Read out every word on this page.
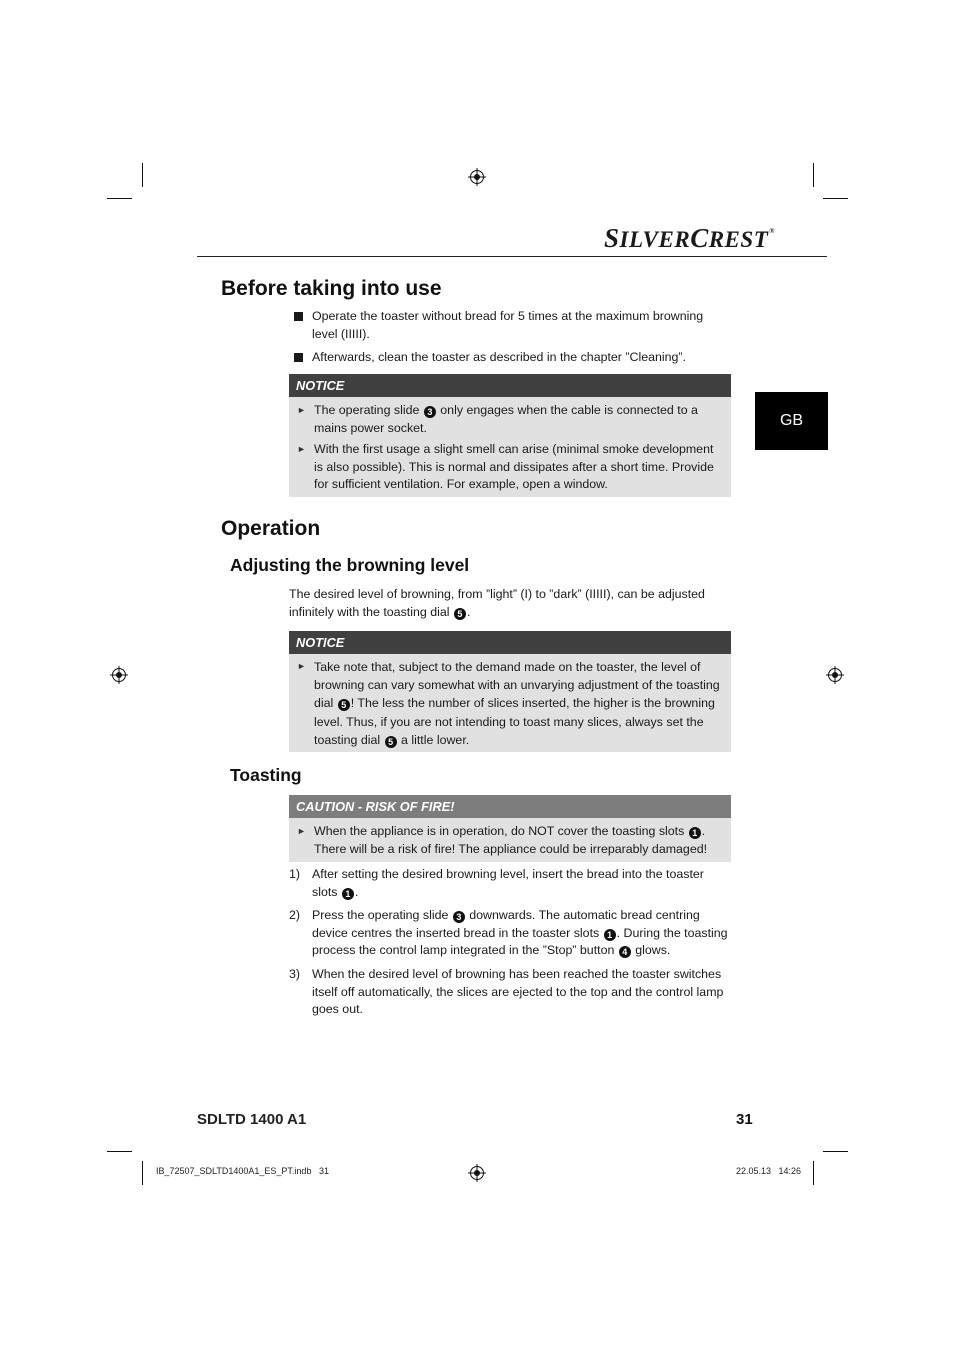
SILVERCREST®
GB
Before taking into use
Operate the toaster without bread for 5 times at the maximum browning level (IIIII).
Afterwards, clean the toaster as described in the chapter ”Cleaning”.
NOTICE
► The operating slide 3 only engages when the cable is connected to a mains power socket.
► With the first usage a slight smell can arise (minimal smoke development is also possible). This is normal and dissipates after a short time. Provide for sufficient ventilation. For example, open a window.
Operation
Adjusting the browning level
The desired level of browning, from ”light” (I) to ”dark” (IIIII), can be adjusted infinitely with the toasting dial 5 .
NOTICE
► Take note that, subject to the demand made on the toaster, the level of browning can vary somewhat with an unvarying adjustment of the toasting dial 5 ! The less the number of slices inserted, the higher is the browning level. Thus, if you are not intending to toast many slices, always set the toasting dial 5 a little lower.
Toasting
CAUTION - RISK OF FIRE!
► When the appliance is in operation, do NOT cover the toasting slots 1 . There will be a risk of fire! The appliance could be irreparably damaged!
1) After setting the desired browning level, insert the bread into the toaster slots 1 .
2) Press the operating slide 3 downwards. The automatic bread centring device centres the inserted bread in the toaster slots 1 . During the toasting process the control lamp integrated in the ”Stop” button 4 glows.
3) When the desired level of browning has been reached the toaster switches itself off automatically, the slices are ejected to the top and the control lamp goes out.
SDLTD 1400 A1	31
IB_72507_SDLTD1400A1_ES_PT.indb   31	22.05.13   14:26
